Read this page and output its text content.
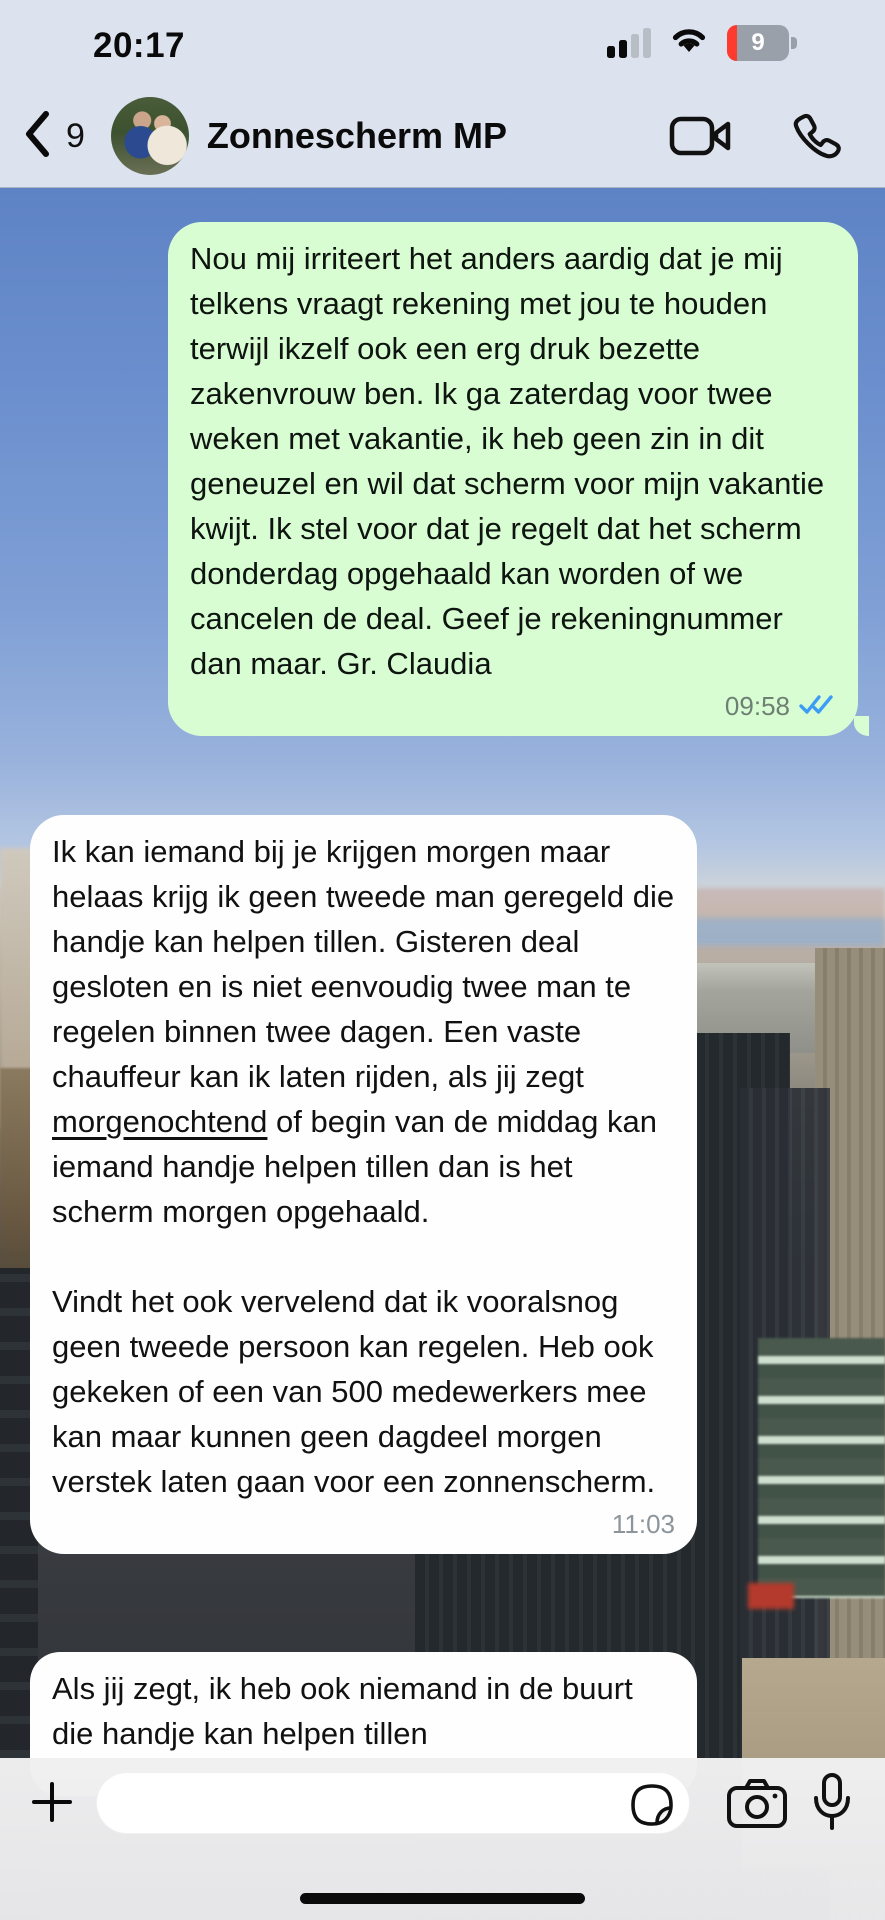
20:17	9
9	Zonnescherm MP

Nou mij irriteert het anders aardig dat je mij telkens vraagt rekening met jou te houden terwijl ikzelf ook een erg druk bezette zakenvrouw ben. Ik ga zaterdag voor twee weken met vakantie, ik heb geen zin in dit geneuzel en wil dat scherm voor mijn vakantie kwijt. Ik stel voor dat je regelt dat het scherm donderdag opgehaald kan worden of we cancelen de deal. Geef je rekeningnummer dan maar. Gr. Claudia

09:58

Ik kan iemand bij je krijgen morgen maar helaas krijg ik geen tweede man geregeld die handje kan helpen tillen. Gisteren deal gesloten en is niet eenvoudig twee man te regelen binnen twee dagen. Een vaste chauffeur kan ik laten rijden, als jij zegt morgenochtend of begin van de middag kan iemand handje helpen tillen dan is het scherm morgen opgehaald.

Vindt het ook vervelend dat ik vooralsnog geen tweede persoon kan regelen. Heb ook gekeken of een van 500 medewerkers mee kan maar kunnen geen dagdeel morgen verstek laten gaan voor een zonnenscherm.

11:03

Als jij zegt, ik heb ook niemand in de buurt die handje kan helpen tillen
